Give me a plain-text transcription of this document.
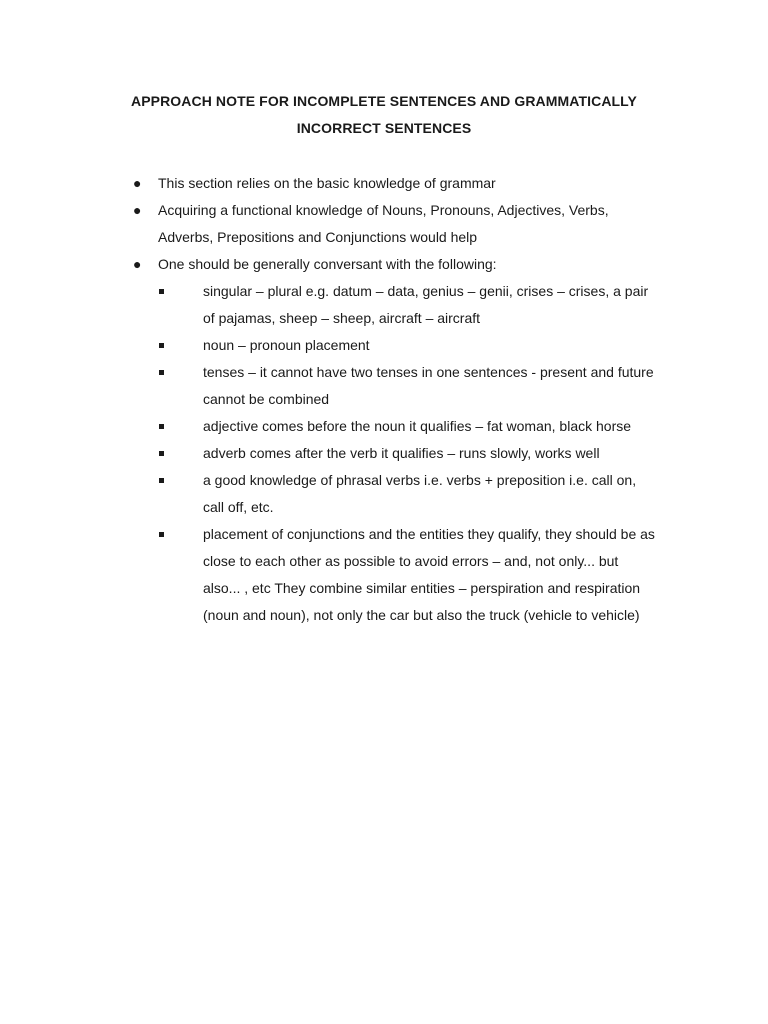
APPROACH NOTE FOR INCOMPLETE SENTENCES AND GRAMMATICALLY
INCORRECT SENTENCES
● This section relies on the basic knowledge of grammar
● Acquiring a functional knowledge of Nouns, Pronouns, Adjectives, Verbs, Adverbs, Prepositions and Conjunctions would help
● One should be generally conversant with the following:
singular – plural e.g. datum – data, genius – genii, crises – crises, a pair of pajamas, sheep – sheep, aircraft – aircraft
noun – pronoun placement
tenses – it cannot have two tenses in one sentences - present and future cannot be combined
adjective comes before the noun it qualifies – fat woman, black horse
adverb comes after the verb it qualifies – runs slowly, works well
a good knowledge of phrasal verbs i.e. verbs + preposition i.e. call on, call off, etc.
placement of conjunctions and the entities they qualify, they should be as close to each other as possible to avoid errors – and, not only... but also... , etc They combine similar entities – perspiration and respiration (noun and noun), not only the car but also the truck (vehicle to vehicle)
